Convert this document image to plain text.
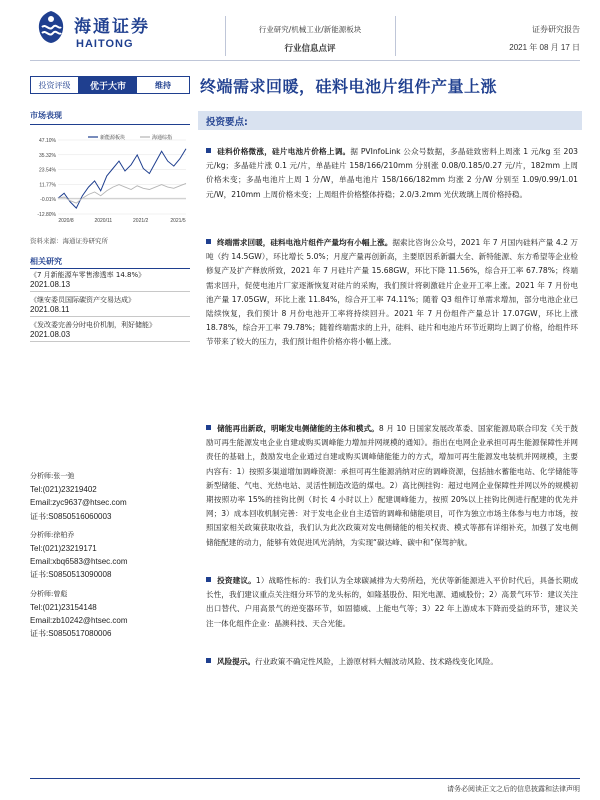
海通证券
HAITONG
行业研究/机械工业/新能源板块
行业信息点评
证券研究报告
2021 年 08 月 17 日
投资评级	优于大市	维持	终端需求回暖，硅料电池片组件产量上涨
市场表现
47.10%
35.32%
23.54%
11.77%
-0.01%
-12.80%
2020/8	2020/11	2021/2	2021/5
新能源板块	海通综指
资料来源：海通证券研究所
相关研究
《7 月新能源车零售渗透率 14.8%》
2021.08.13
《继安委员国际碳资产交易达成》
2021.08.11
《发改委完善分时电价机制，利好储能》
2021.08.03
分析师:张一弛
Tel:(021)23219402
Email:zyc9637@htsec.com
证书:S0850516060003
分析师:徐柏乔
Tel:(021)23219171
Email:xbq6583@htsec.com
证书:S0850513090008
分析师:曾彪
Tel:(021)23154148
Email:zb10242@htsec.com
证书:S0850517080006
投资要点:
硅料价格微涨，硅片电池片价格上调。据 PVInfoLink 公众号数据，多晶硅致密料上周涨 1 元/kg 至 203 元/kg；多晶硅片涨 0.1 元/片，单晶硅片 158/166/210mm 分别涨 0.08/0.185/0.27 元/片，182mm 上周价格未变；多晶电池片上周 1 分/W，单晶电池片 158/166/182mm 均涨 2 分/W 分别至 1.09/0.99/1.01 元/W，210mm 上周价格未变；上周组件价格整体持稳；2.0/3.2mm 光伏玻璃上周价格持稳。
终端需求回暖，硅料电池片组件产量均有小幅上涨。据索比咨询公众号，2021 年 7 月国内硅料产量 4.2 万吨（约 14.5GW），环比增长 5.0%；月度产量再创新高，主要原因系新疆大全、新特能源、东方希望等企业检修复产及扩产释放所致，2021 年 7 月硅片产量 15.68GW，环比下降 11.56%，综合开工率 67.78%；终端需求回升，促使电池片厂家逐渐恢复对硅片的采购，我们预计将刺激硅片企业开工率上涨。2021 年 7 月份电池产量 17.05GW，环比上涨 11.84%，综合开工率 74.11%；随着 Q3 组件订单需求增加，部分电池企业已陆续恢复，我们预计 8 月份电池开工率将持续回升。2021 年 7 月份组件产量总计 17.07GW，环比上涨 18.78%，综合开工率 79.78%；随着终端需求的上升，硅料、硅片和电池片环节近期均上调了价格，给组件环节带来了较大的压力，我们预计组件价格亦将小幅上涨。
储能再出新政，明晰发电侧储能的主体和模式。8 月 10 日国家发展改革委、国家能源局联合印发《关于鼓励可再生能源发电企业自建或购买调峰能力增加并网规模的通知》。指出在电网企业承担可再生能源保障性并网责任的基础上，鼓励发电企业通过自建或购买调峰储能能力的方式，增加可再生能源发电装机并网规模，主要内容有：1）按照多渠道增加调峰资源：承担可再生能源消纳对应的调峰资源，包括抽水蓄能电站、化学储能等新型储能、气电、光热电站、灵活性制造改造的煤电。2）高比例挂钩：超过电网企业保障性并网以外的规模初期按照功率 15%的挂钩比例（时长 4 小时以上）配建调峰能力，按照 20%以上挂钩比例进行配建的优先并网；3）成本回收机制完善：对于发电企业自主适管的调峰和储能项目，可作为独立市场主体参与电力市场，按照国家相关政策获取收益，我们认为此次政策对发电侧储能的相关权责、模式等都有详细补充，加强了发电侧储能配建的动力，能够有效促进风光消纳，为实现“碳达峰、碳中和”保驾护航。
投资建议。1）战略性标的：我们认为全球碳减排为大势所趋，光伏等新能源进入平价时代后，具备长期成长性，我们建议重点关注细分环节的龙头标的，如隆基股份、阳光电源、通威股份；2）高景气环节：建议关注出口替代、户用高景气的逆变器环节，如固德威、上能电气等；3）22 年上游成本下降而受益的环节，建议关注一体化组件企业：晶澳科技、天合光能。
风险提示。行业政策不确定性风险，上游原材料大幅波动风险、技术路线变化风险。
请务必阅读正文之后的信息披露和法律声明
